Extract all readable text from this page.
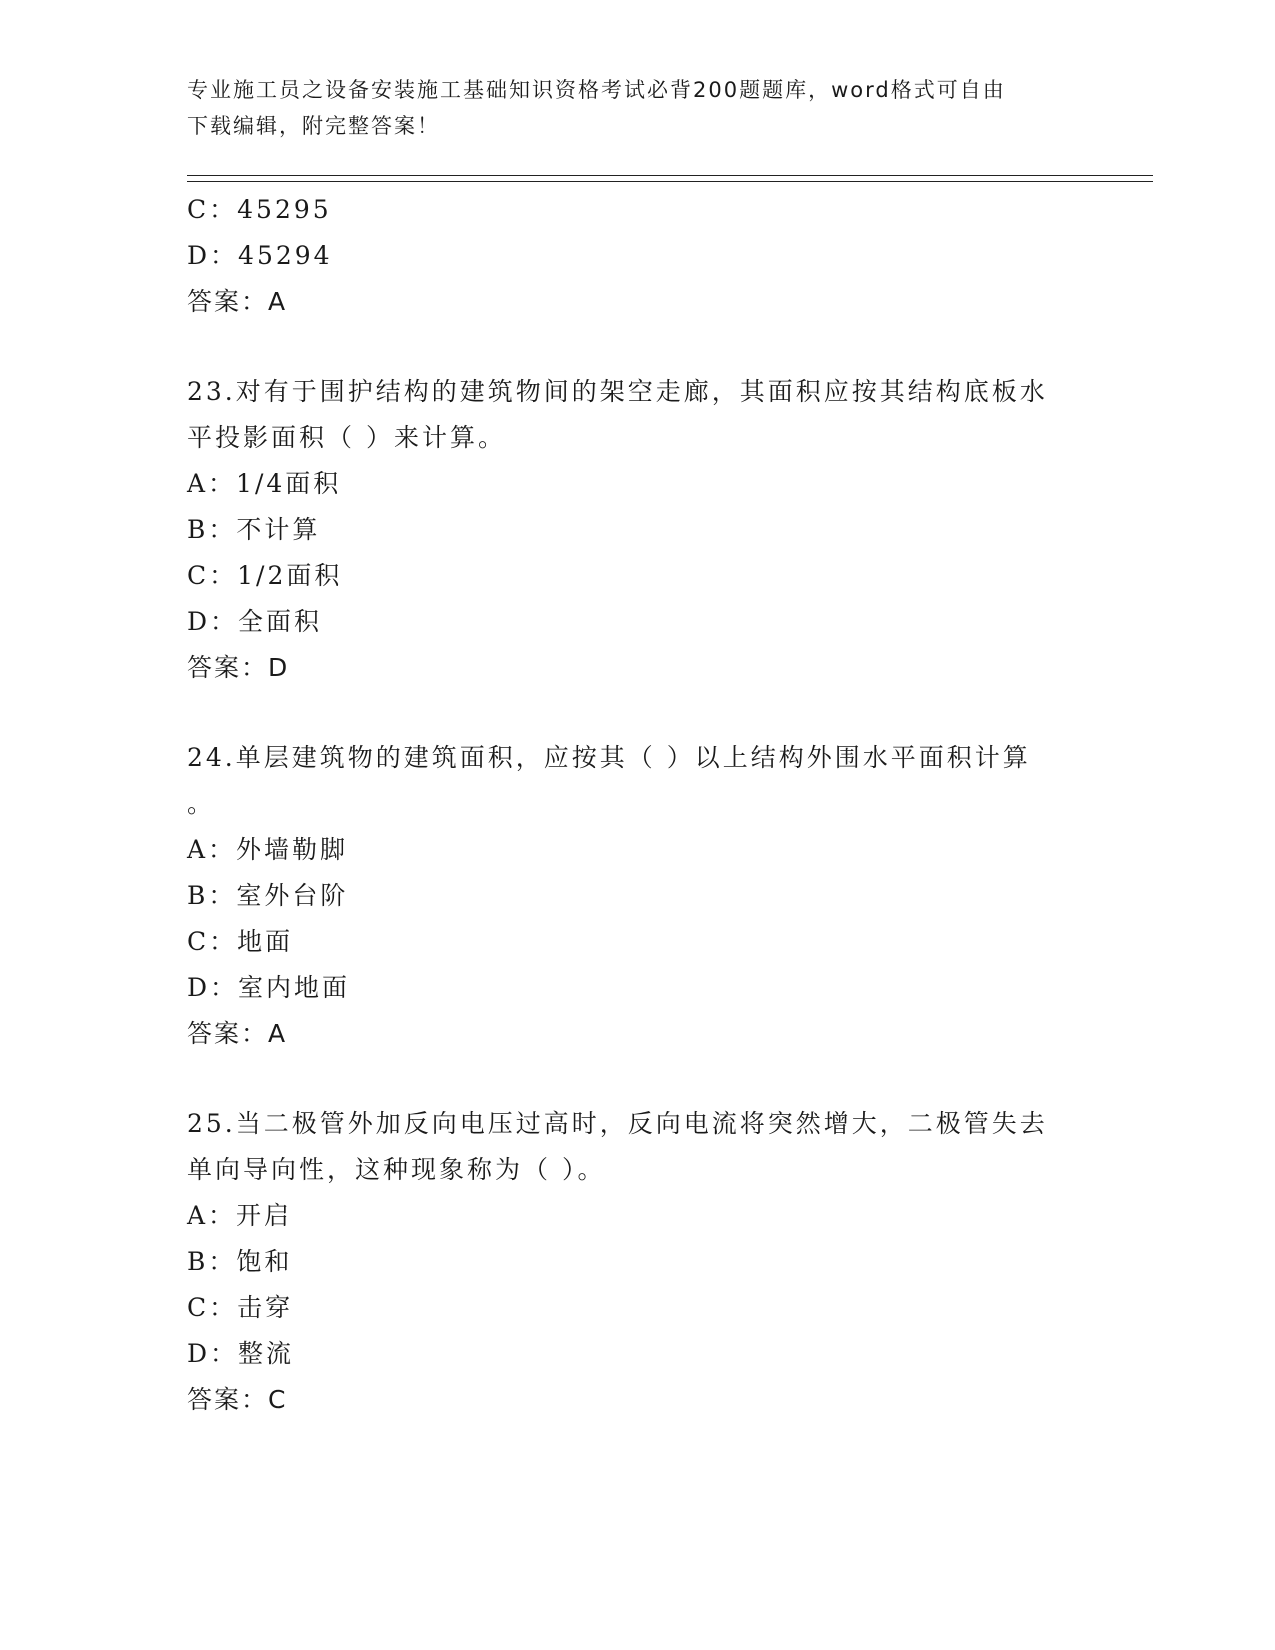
专业施工员之设备安装施工基础知识资格考试必背200题题库，word格式可自由
下载编辑，附完整答案！
C：45295
D：45294
答案：A
23.对有于围护结构的建筑物间的架空走廊，其面积应按其结构底板水
平投影面积（ ）来计算。
A：1/4面积
B：不计算
C：1/2面积
D：全面积
答案：D
24.单层建筑物的建筑面积，应按其（ ）以上结构外围水平面积计算
。
A：外墙勒脚
B：室外台阶
C：地面
D：室内地面
答案：A
25.当二极管外加反向电压过高时，反向电流将突然增大，二极管失去
单向导向性，这种现象称为（ ）。
A：开启
B：饱和
C：击穿
D：整流
答案：C
